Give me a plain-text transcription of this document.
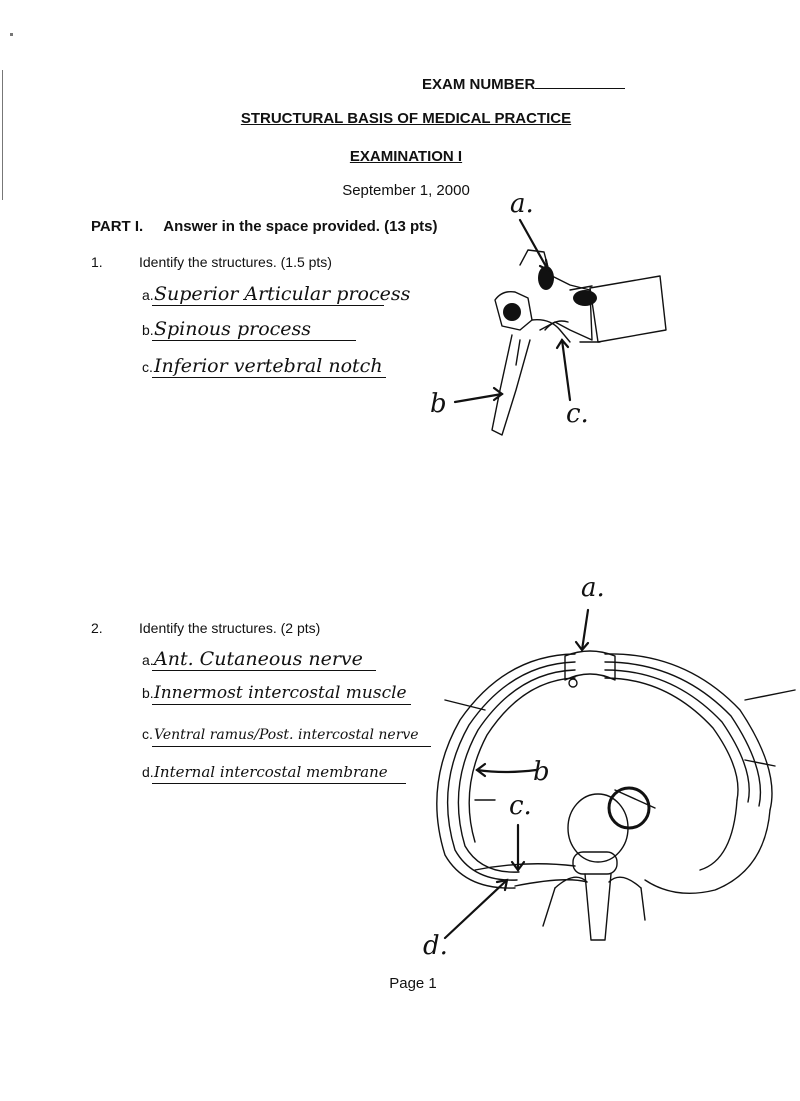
EXAM NUMBER
STRUCTURAL BASIS OF MEDICAL PRACTICE
EXAMINATION I
September 1, 2000
PART I. Answer in the space provided. (13 pts)
1.	Identify the structures. (1.5 pts)
a.Superior Articular process
b.Spinous process
c.Inferior vertebral notch
a.
b	c.
2.	Identify the structures. (2 pts)
a.Ant. Cutaneous nerve
b.Innermost intercostal muscle
c.Ventral ramus/Post. intercostal nerve
d.Internal intercostal membrane
a.
b
c.
d.
Page 1
